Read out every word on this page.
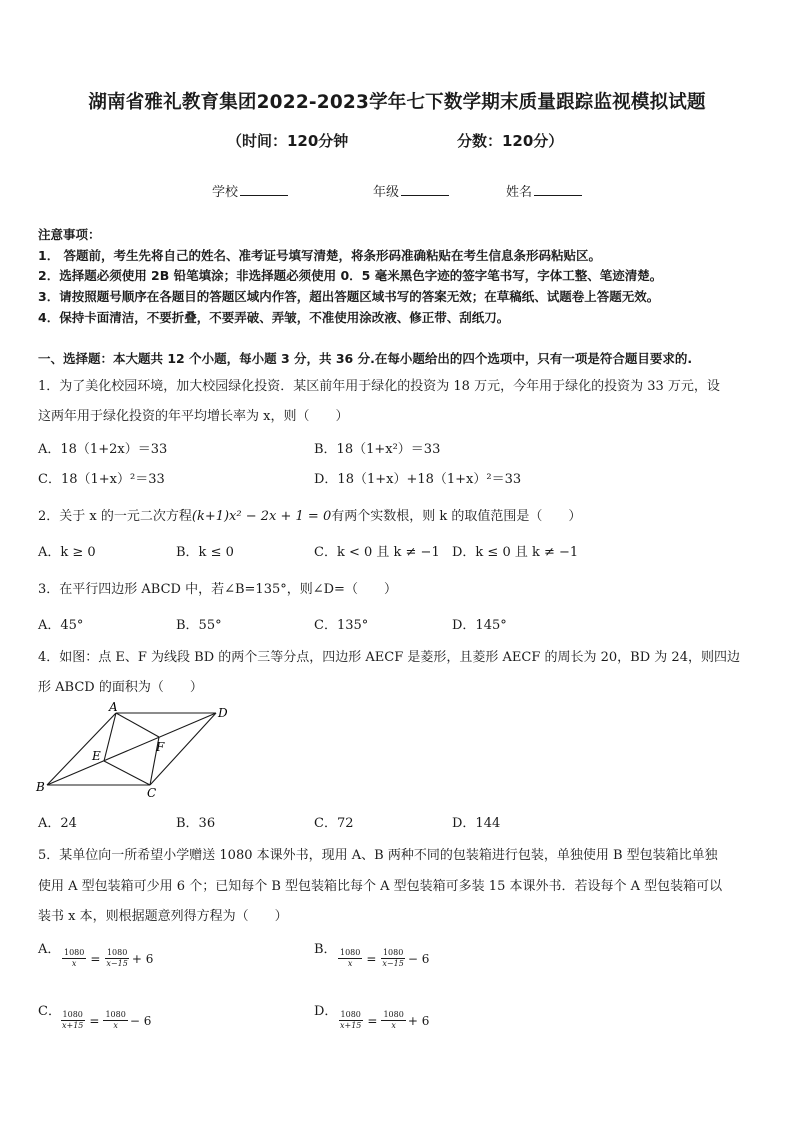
湖南省雅礼教育集团2022-2023学年七下数学期末质量跟踪监视模拟试题
（时间：120分钟	分数：120分）
学校	年级	姓名
注意事项：
1． 答题前，考生先将自己的姓名、准考证号填写清楚，将条形码准确粘贴在考生信息条形码粘贴区。
2．选择题必须使用 2B 铅笔填涂；非选择题必须使用 0．5 毫米黑色字迹的签字笔书写，字体工整、笔迹清楚。
3．请按照题号顺序在各题目的答题区域内作答，超出答题区域书写的答案无效；在草稿纸、试题卷上答题无效。
4．保持卡面清洁，不要折叠，不要弄破、弄皱，不准使用涂改液、修正带、刮纸刀。
一、选择题：本大题共 12 个小题，每小题 3 分，共 36 分.在每小题给出的四个选项中，只有一项是符合题目要求的.
1．为了美化校园环境，加大校园绿化投资．某区前年用于绿化的投资为 18 万元，今年用于绿化的投资为 33 万元，设
这两年用于绿化投资的年平均增长率为 x，则（　　）
A．18（1+2x）＝33	B．18（1+x²）＝33
C．18（1+x）²＝33	D．18（1+x）+18（1+x）²＝33
2．关于 x 的一元二次方程(k+1)x² − 2x + 1 = 0有两个实数根，则 k 的取值范围是（　　）
A．k ≥ 0	B．k ≤ 0	C．k < 0 且 k ≠ −1 D．k ≤ 0 且 k ≠ −1
3．在平行四边形 ABCD 中，若∠B=135°，则∠D=（　　）
A．45°	B．55°	C．135°	D．145°
4．如图：点 E、F 为线段 BD 的两个三等分点，四边形 AECF 是菱形，且菱形 AECF 的周长为 20，BD 为 24，则四边
形 ABCD 的面积为（　　）
A	D
B	C
E
F
A．24	B．36	C．72	D．144
5．某单位向一所希望小学赠送 1080 本课外书，现用 A、B 两种不同的包装箱进行包装，单独使用 B 型包装箱比单独
使用 A 型包装箱可少用 6 个；已知每个 B 型包装箱比每个 A 型包装箱可多装 15 本课外书．若设每个 A 型包装箱可以
装书 x 本，则根据题意列得方程为（　　）
A． $\frac{1080}{x} = \frac{1080}{x-15} + 6$
B． $\frac{1080}{x} = \frac{1080}{x-15} - 6$
C． $\frac{1080}{x+15} = \frac{1080}{x} - 6$
D． $\frac{1080}{x+15} = \frac{1080}{x} + 6$
